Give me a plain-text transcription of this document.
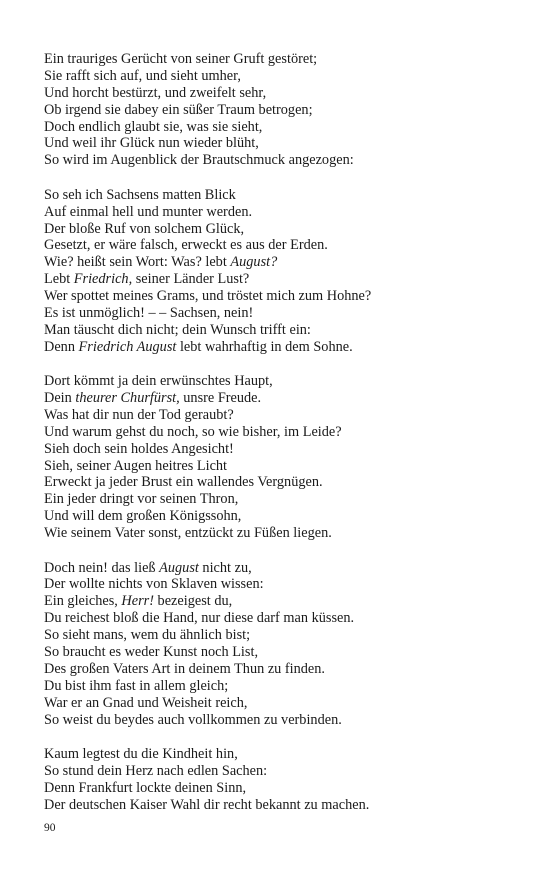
Ein trauriges Gerücht von seiner Gruft gestöret;
Sie rafft sich auf, und sieht umher,
Und horcht bestürzt, und zweifelt sehr,
Ob irgend sie dabey ein süßer Traum betrogen;
Doch endlich glaubt sie, was sie sieht,
Und weil ihr Glück nun wieder blüht,
So wird im Augenblick der Brautschmuck angezogen:
So seh ich Sachsens matten Blick
Auf einmal hell und munter werden.
Der bloße Ruf von solchem Glück,
Gesetzt, er wäre falsch, erweckt es aus der Erden.
Wie? heißt sein Wort: Was? lebt August?
Lebt Friedrich, seiner Länder Lust?
Wer spottet meines Grams, und tröstet mich zum Hohne?
Es ist unmöglich! – – Sachsen, nein!
Man täuscht dich nicht; dein Wunsch trifft ein:
Denn Friedrich August lebt wahrhaftig in dem Sohne.
Dort kömmt ja dein erwünschtes Haupt,
Dein theurer Churfürst, unsre Freude.
Was hat dir nun der Tod geraubt?
Und warum gehst du noch, so wie bisher, im Leide?
Sieh doch sein holdes Angesicht!
Sieh, seiner Augen heitres Licht
Erweckt ja jeder Brust ein wallendes Vergnügen.
Ein jeder dringt vor seinen Thron,
Und will dem großen Königssohn,
Wie seinem Vater sonst, entzückt zu Füßen liegen.
Doch nein! das ließ August nicht zu,
Der wollte nichts von Sklaven wissen:
Ein gleiches, Herr! bezeigest du,
Du reichest bloß die Hand, nur diese darf man küssen.
So sieht mans, wem du ähnlich bist;
So braucht es weder Kunst noch List,
Des großen Vaters Art in deinem Thun zu finden.
Du bist ihm fast in allem gleich;
War er an Gnad und Weisheit reich,
So weist du beydes auch vollkommen zu verbinden.
Kaum legtest du die Kindheit hin,
So stund dein Herz nach edlen Sachen:
Denn Frankfurt lockte deinen Sinn,
Der deutschen Kaiser Wahl dir recht bekannt zu machen.
90
